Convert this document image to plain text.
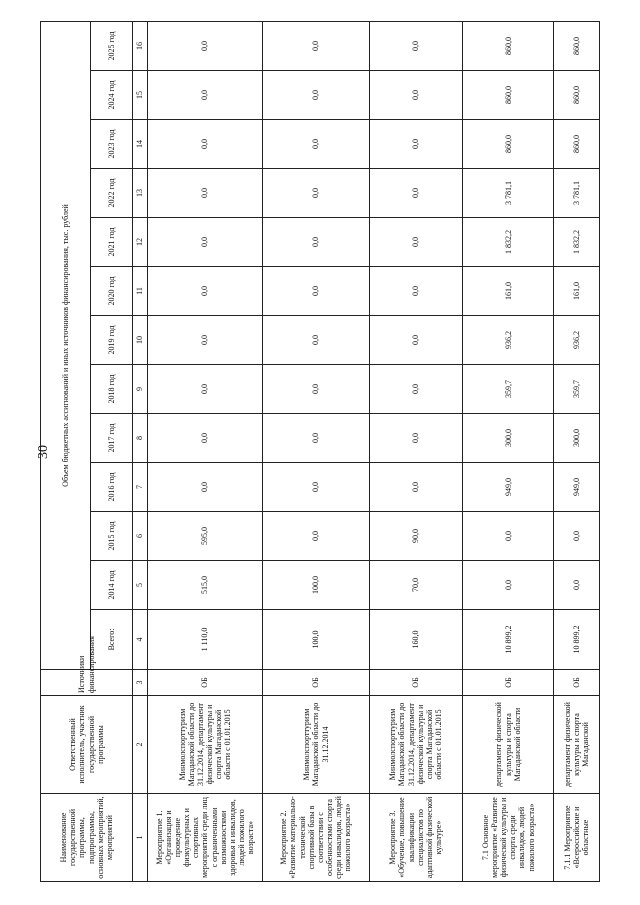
30
Наименование государственной программы, подпрограммы, основных мероприятий, мероприятий	Ответственный исполнитель, участник государственной программы	Источники финансирования	Объем бюджетных ассигнований и иных источников финансирования, тыс. рублей												
			Всего:	2014 год	2015 год	2016 год	2017 год	2018 год	2019 год	2020 год	2021 год	2022 год	2023 год	2024 год	2025 год
1	2	3	4	5	6	7	8	9	10	11	12	13	14	15	16
Мероприятие 1. «Организация и проведение физкультурных и спортивных мероприятий среди лиц с ограниченными возможностями здоровья и инвалидов, людей пожилого возраста»	Минмолспорттуризм Магаданской области до 31.12.2014, департамент физической культуры и спорта Магаданской области с 01.01.2015	ОБ	1 110,0	515,0	595,0	0,0	0,0	0,0	0,0	0,0	0,0	0,0	0,0	0,0	0,0
Мероприятие 2. «Развитие материально-технической спортивной базы в соответствии с особенностями спорта среди инвалидов, людей пожилого возраста»	Минмолспорттуризм Магаданской области до 31.12.2014	ОБ	100,0	100,0	0,0	0,0	0,0	0,0	0,0	0,0	0,0	0,0	0,0	0,0	0,0
Мероприятие 3. «Обучение, повышение квалификации специалистов по адаптивной физической культуре»	Минмолспорттуризм Магаданской области до 31.12.2014, департамент физической культуры и спорта Магаданской области с 01.01.2015	ОБ	160,0	70,0	90,0	0,0	0,0	0,0	0,0	0,0	0,0	0,0	0,0	0,0	0,0
7.1 Основное мероприятие «Развитие физической культуры и спорта среди инвалидов, людей пожилого возраста»	департамент физической культуры и спорта Магаданской области	ОБ	10 899,2	0,0	0,0	949,0	300,0	359,7	936,2	161,0	1 832,2	3 781,1	860,0	860,0	860,0
7.1.1 Мероприятие «Всероссийские и областные	департамент физической культуры и спорта Магаданской	ОБ	10 899,2	0,0	0,0	949,0	300,0	359,7	936,2	161,0	1 832,2	3 781,1	860,0	860,0	860,0
